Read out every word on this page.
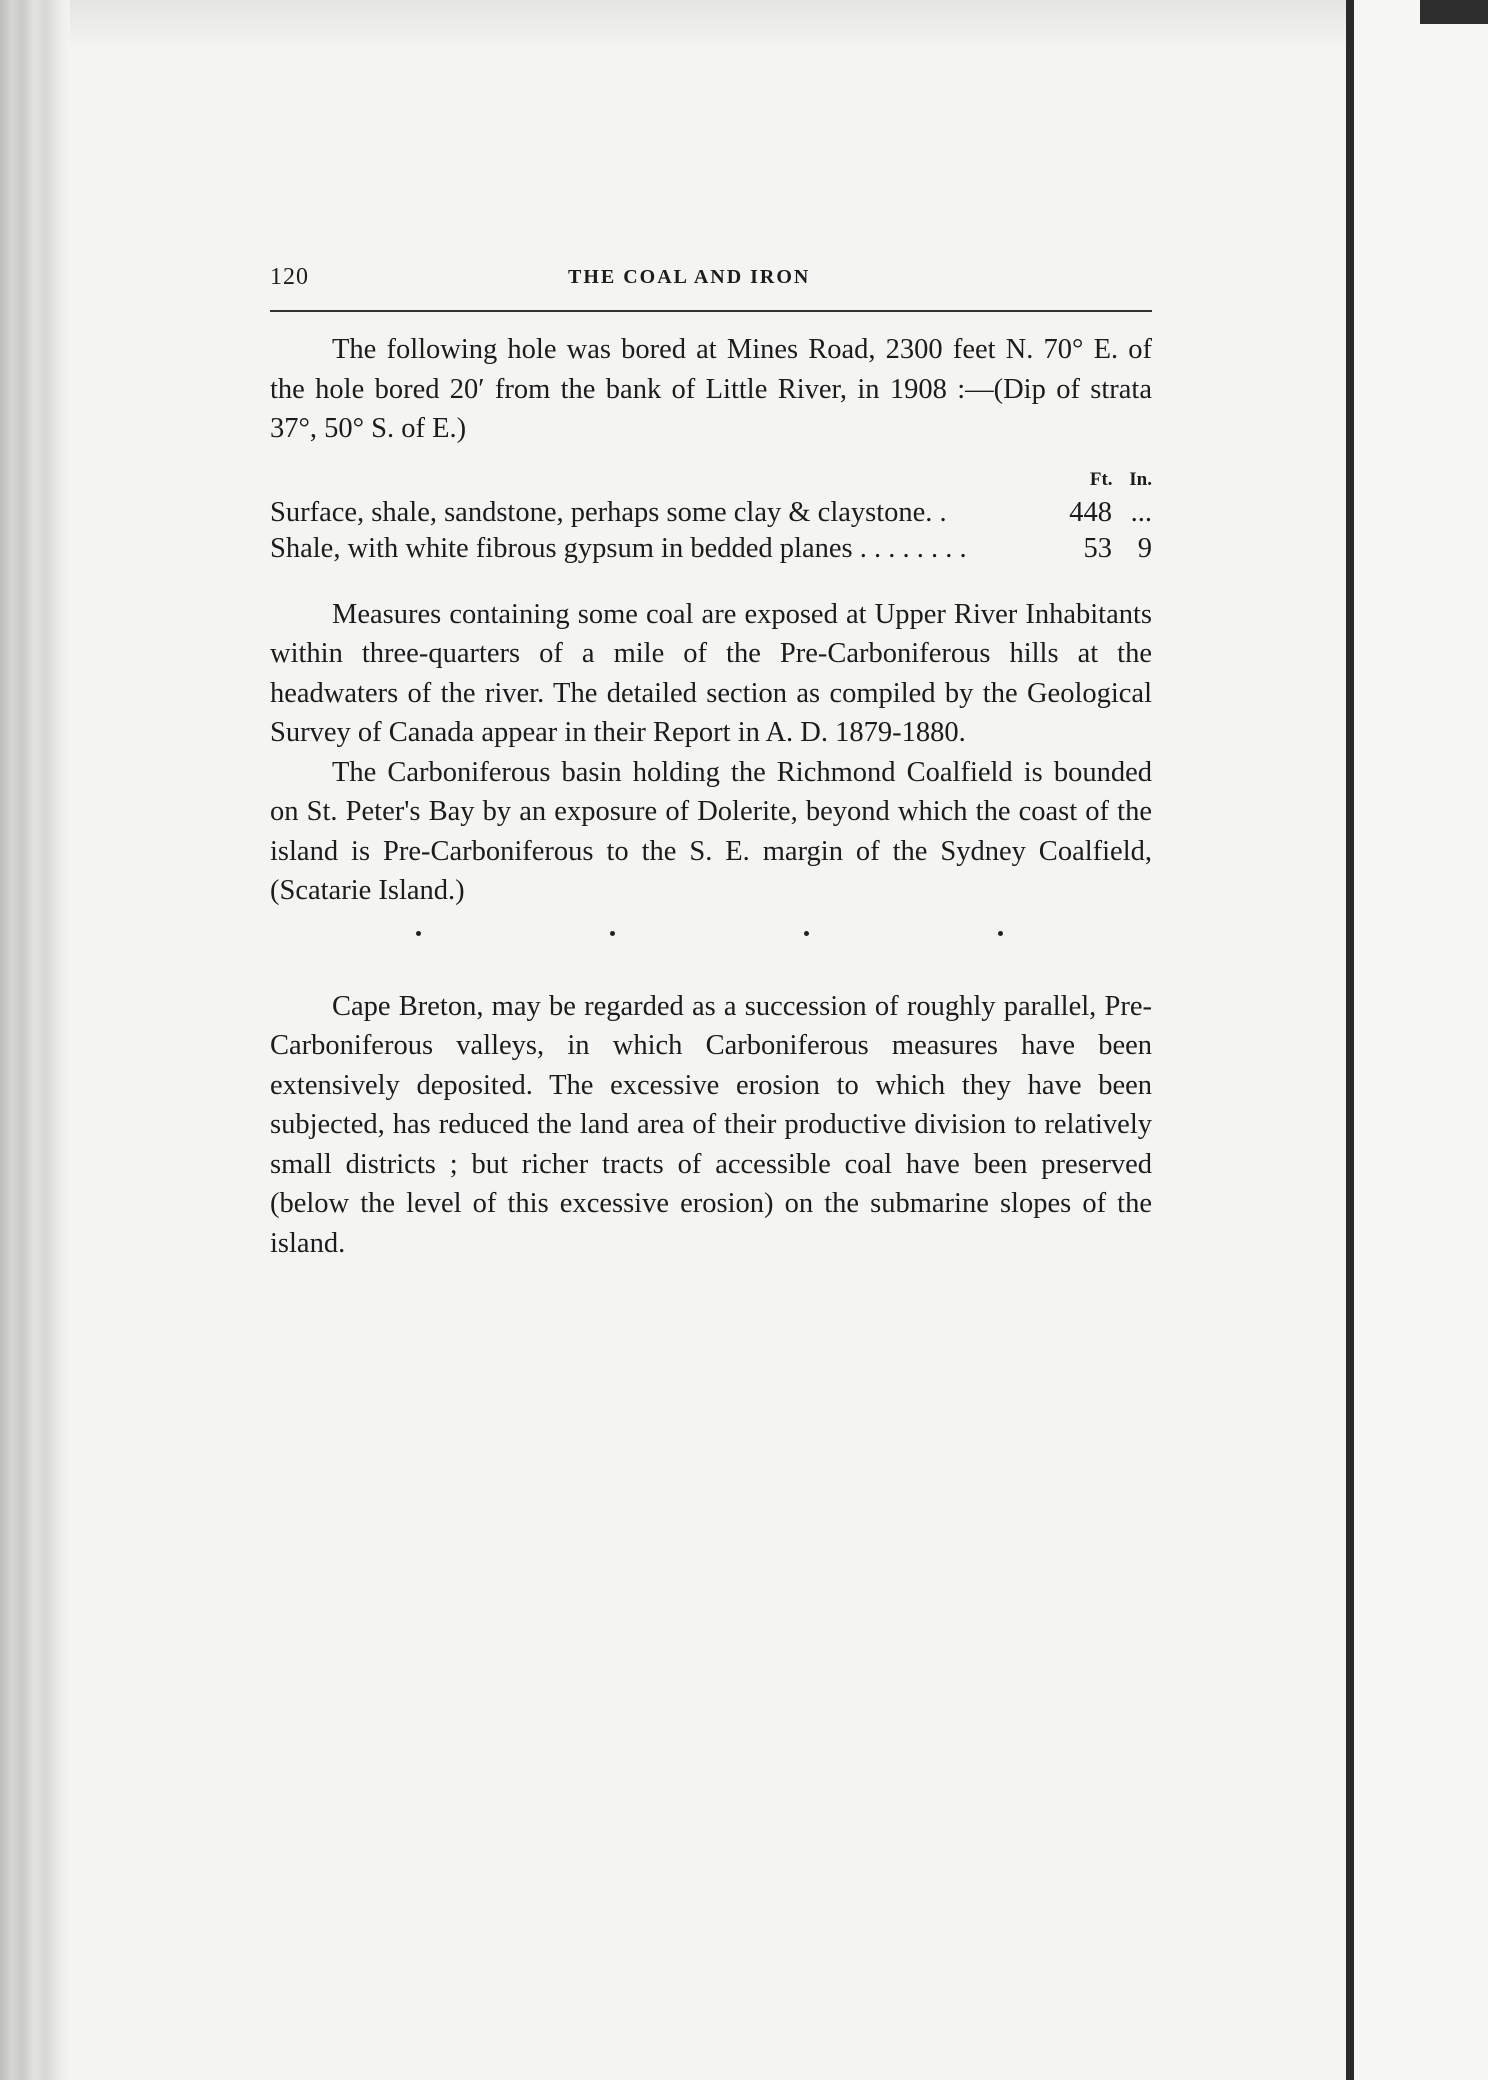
120	THE COAL AND IRON

The following hole was bored at Mines Road, 2300 feet N. 70° E. of the hole bored 20′ from the bank of Little River, in 1908 :—(Dip of strata 37°, 50° S. of E.)

Ft. In.
Surface, shale, sandstone, perhaps some clay & claystone. .	448 ...
Shale, with white fibrous gypsum in bedded planes . . . . . . . .	53 9

Measures containing some coal are exposed at Upper River Inhabitants within three-quarters of a mile of the Pre-Carboniferous hills at the headwaters of the river. The detailed section as compiled by the Geological Survey of Canada appear in their Report in A. D. 1879-1880.

The Carboniferous basin holding the Richmond Coalfield is bounded on St. Peter's Bay by an exposure of Dolerite, beyond which the coast of the island is Pre-Carboniferous to the S. E. margin of the Sydney Coalfield, (Scatarie Island.)

Cape Breton, may be regarded as a succession of roughly parallel, Pre-Carboniferous valleys, in which Carboniferous measures have been extensively deposited. The excessive erosion to which they have been subjected, has reduced the land area of their productive division to relatively small districts ; but richer tracts of accessible coal have been preserved (below the level of this excessive erosion) on the submarine slopes of the island.
